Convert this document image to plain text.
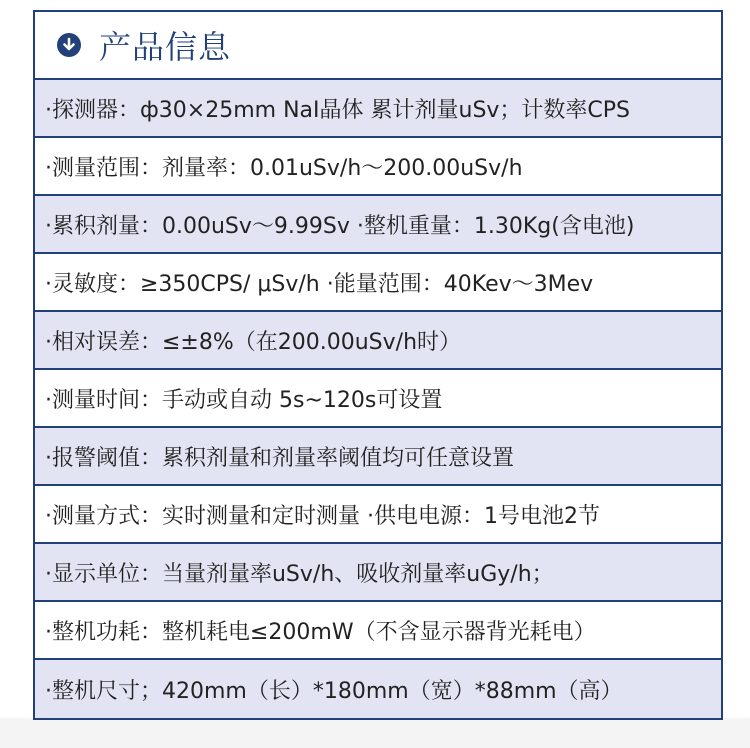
产品信息
·探测器：ф30×25mm NaI晶体 累计剂量uSv；计数率CPS
·测量范围：剂量率：0.01uSv/h～200.00uSv/h
·累积剂量：0.00uSv～9.99Sv ·整机重量：1.30Kg(含电池)
·灵敏度：≥350CPS/ μSv/h ·能量范围：40Kev～3Mev
·相对误差：≤±8%（在200.00uSv/h时）
·测量时间：手动或自动 5s~120s可设置
·报警阈值：累积剂量和剂量率阈值均可任意设置
·测量方式：实时测量和定时测量 ·供电电源：1号电池2节
·显示单位：当量剂量率uSv/h、吸收剂量率uGy/h；
·整机功耗：整机耗电≤200mW（不含显示器背光耗电）
·整机尺寸；420mm（长）*180mm（宽）*88mm（高）
